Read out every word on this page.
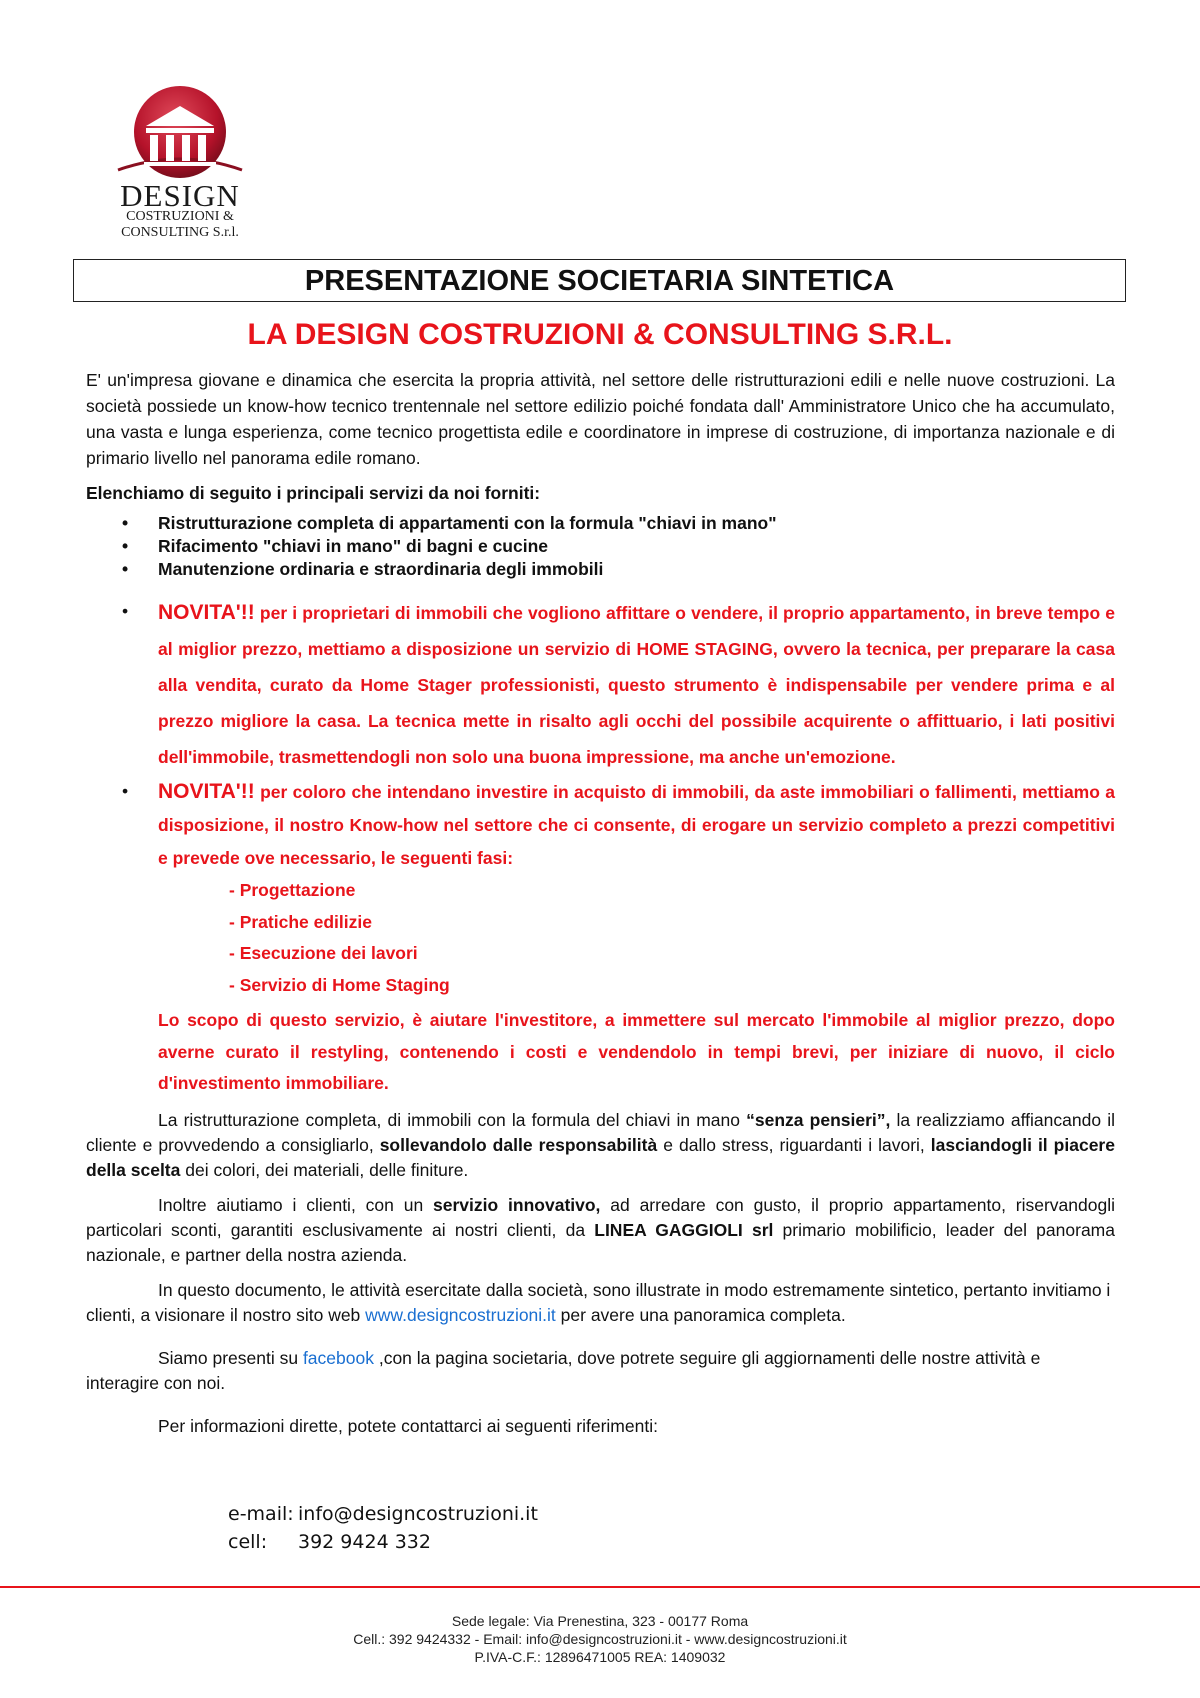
DESIGN
COSTRUZIONI &
CONSULTING S.r.l.
PRESENTAZIONE SOCIETARIA SINTETICA
LA DESIGN COSTRUZIONI & CONSULTING S.R.L.

E' un'impresa giovane e dinamica che esercita la propria attività, nel settore delle ristrutturazioni edili e nelle nuove costruzioni. La società possiede un know-how tecnico trentennale nel settore edilizio poiché fondata dall' Amministratore Unico che ha accumulato, una vasta e lunga esperienza, come tecnico progettista edile e coordinatore in imprese di costruzione, di importanza nazionale e di primario livello nel panorama edile romano.

Elenchiamo di seguito i principali servizi da noi forniti:

• Ristrutturazione completa di appartamenti con la formula "chiavi in mano"
• Rifacimento "chiavi in mano" di bagni e cucine
• Manutenzione ordinaria e straordinaria degli immobili
• NOVITA'!! per i proprietari di immobili che vogliono affittare o vendere, il proprio appartamento, in breve tempo e al miglior prezzo, mettiamo a disposizione un servizio di HOME STAGING, ovvero la tecnica, per preparare la casa alla vendita, curato da Home Stager professionisti, questo strumento è indispensabile per vendere prima e al prezzo migliore la casa. La tecnica mette in risalto agli occhi del possibile acquirente o affittuario, i lati positivi dell'immobile, trasmettendogli non solo una buona impressione, ma anche un'emozione.

• NOVITA'!! per coloro che intendano investire in acquisto di immobili, da aste immobiliari o fallimenti, mettiamo a disposizione, il nostro Know-how nel settore che ci consente, di erogare un servizio completo a prezzi competitivi e prevede ove necessario, le seguenti fasi:

- Progettazione
- Pratiche edilizie
- Esecuzione dei lavori
- Servizio di Home Staging

Lo scopo di questo servizio, è aiutare l'investitore, a immettere sul mercato l'immobile al miglior prezzo, dopo averne curato il restyling, contenendo i costi e vendendolo in tempi brevi, per iniziare di nuovo, il ciclo d'investimento immobiliare.

La ristrutturazione completa, di immobili con la formula del chiavi in mano “senza pensieri”, la realizziamo affiancando il cliente e provvedendo a consigliarlo, sollevandolo dalle responsabilità e dallo stress, riguardanti i lavori, lasciandogli il piacere della scelta dei colori, dei materiali, delle finiture.

Inoltre aiutiamo i clienti, con un servizio innovativo, ad arredare con gusto, il proprio appartamento, riservandogli particolari sconti, garantiti esclusivamente ai nostri clienti, da LINEA GAGGIOLI srl primario mobilificio, leader del panorama nazionale, e partner della nostra azienda.

In questo documento, le attività esercitate dalla società, sono illustrate in modo estremamente sintetico, pertanto invitiamo i clienti, a visionare il nostro sito web www.designcostruzioni.it per avere una panoramica completa.

Siamo presenti su facebook ,con la pagina societaria, dove potrete seguire gli aggiornamenti delle nostre attività e interagire con noi.

Per informazioni dirette, potete contattarci ai seguenti riferimenti:

e-mail: info@designcostruzioni.it
cell: 392 9424 332
Sede legale: Via Prenestina, 323 - 00177 Roma
Cell.: 392 9424332 - Email: info@designcostruzioni.it - www.designcostruzioni.it
P.IVA-C.F.: 12896471005 REA: 1409032
